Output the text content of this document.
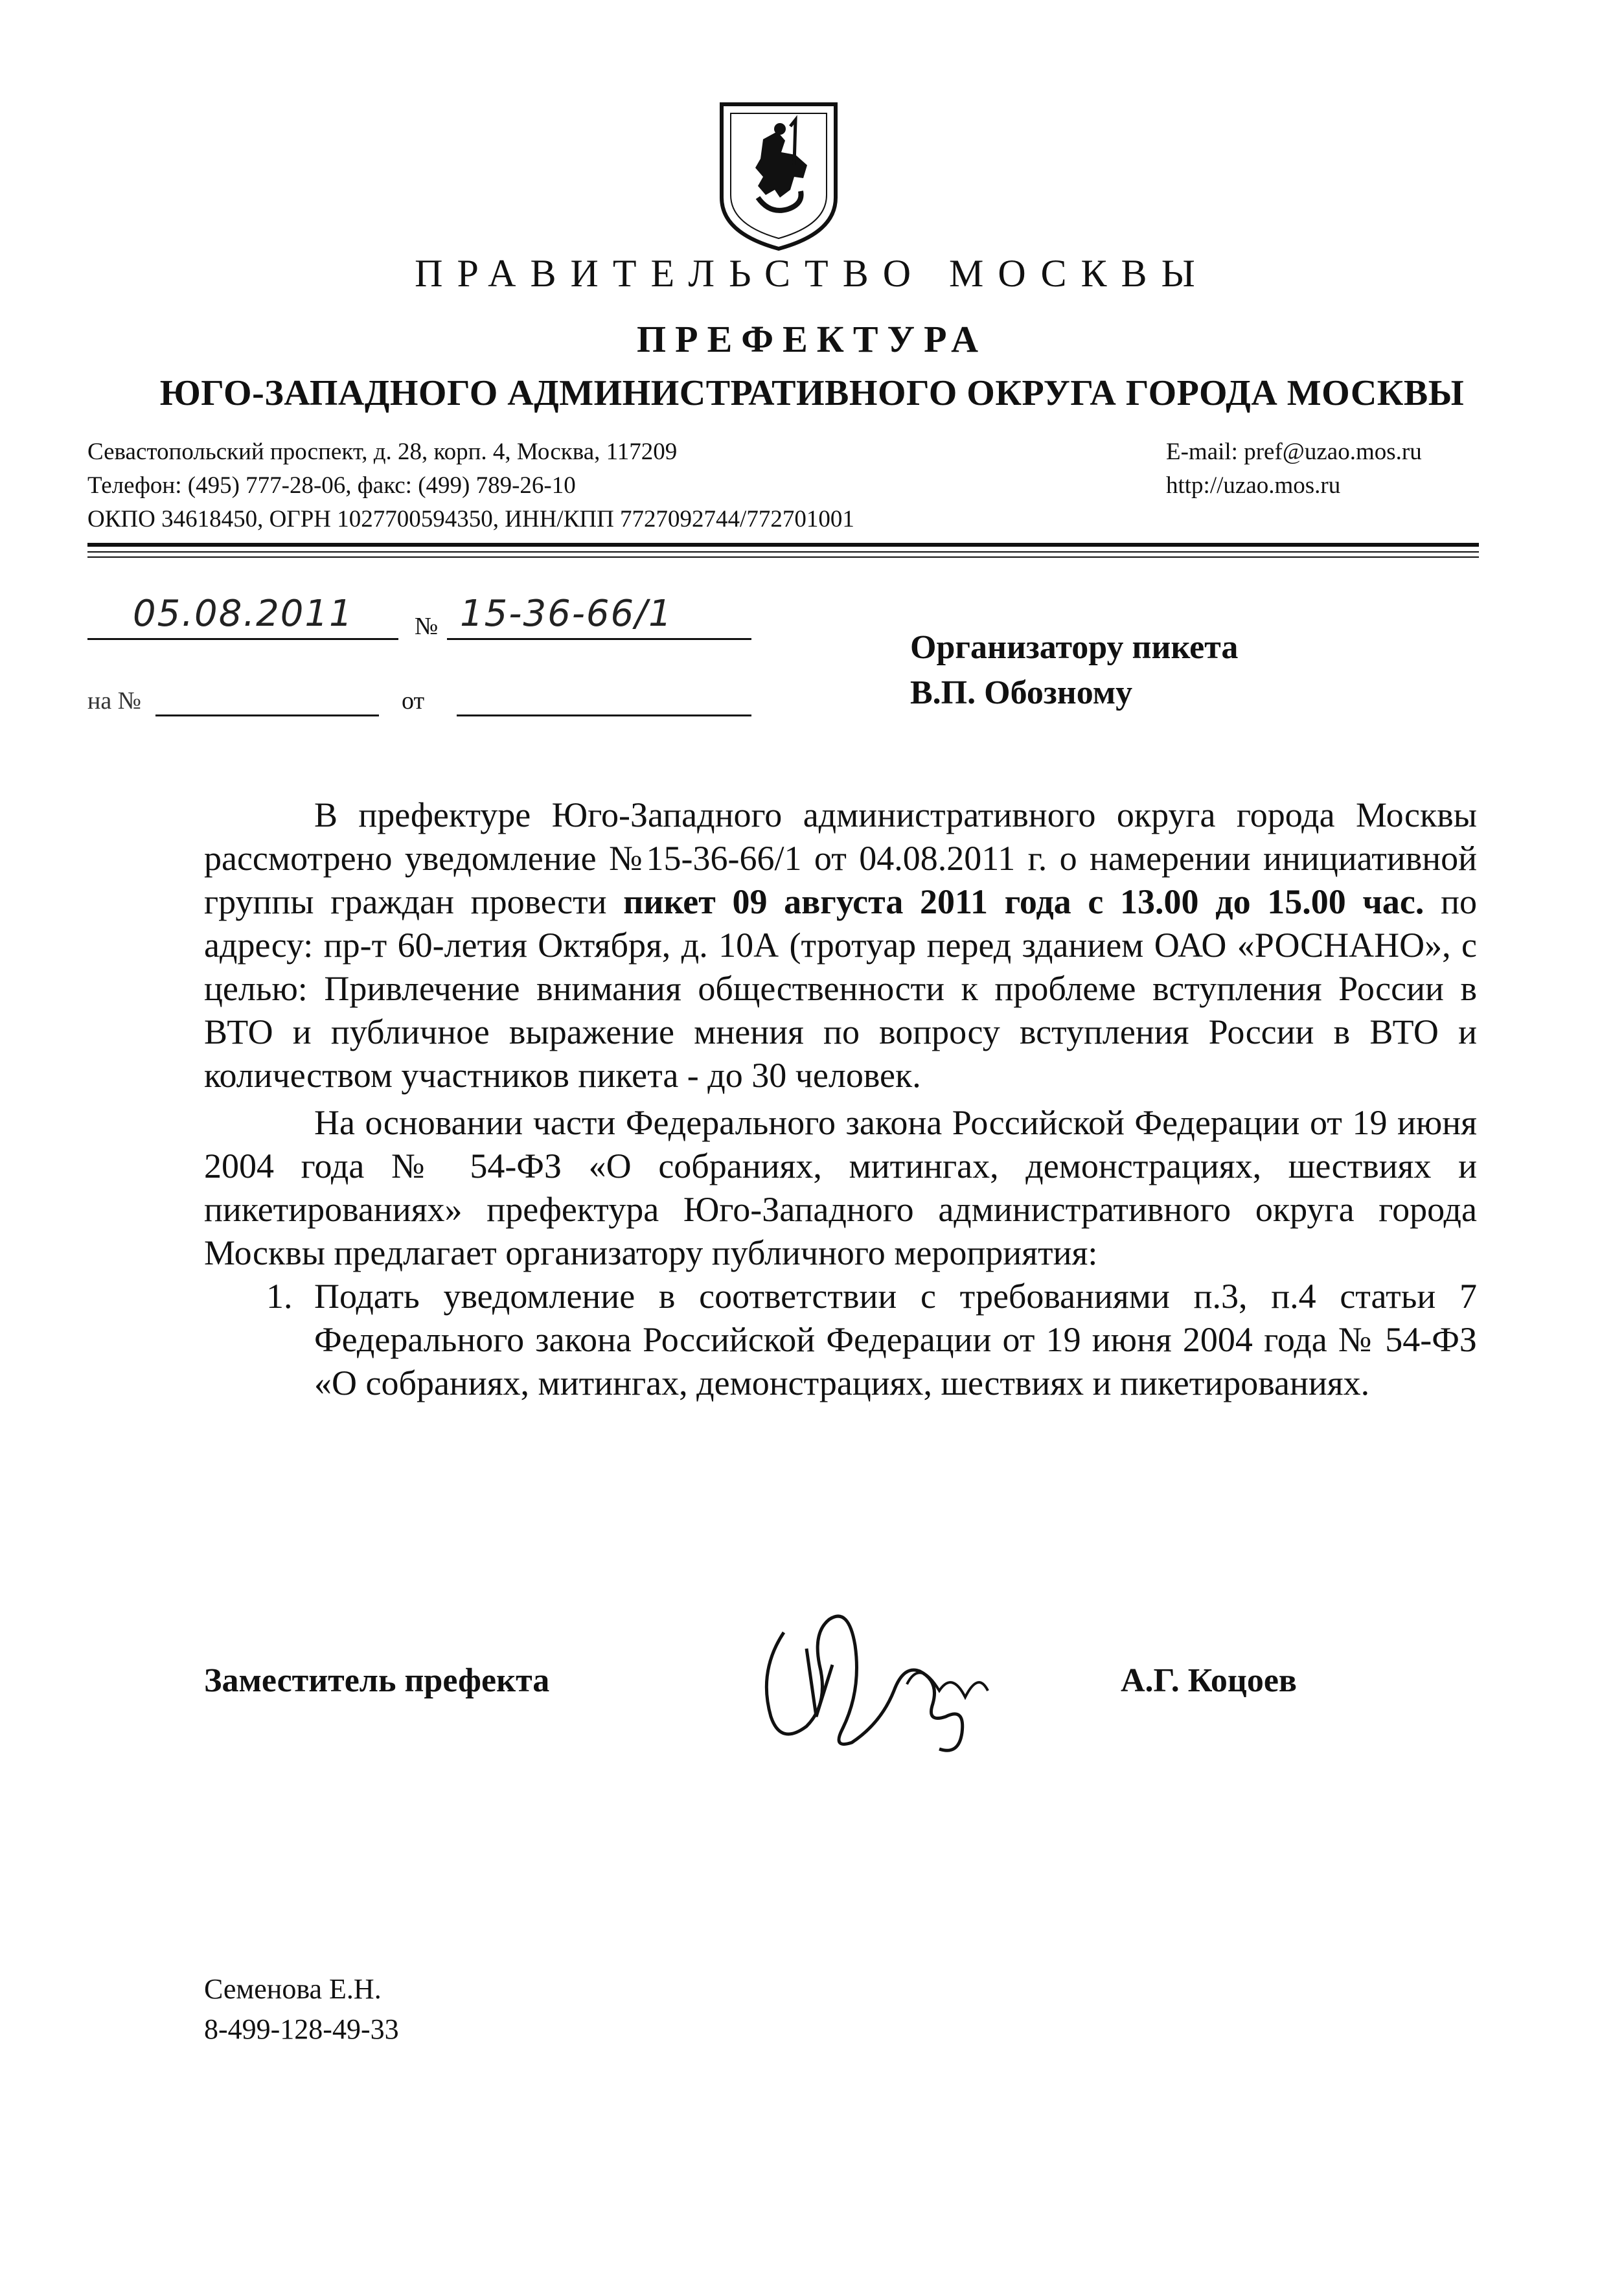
ПРАВИТЕЛЬСТВО МОСКВЫ
ПРЕФЕКТУРА
ЮГО-ЗАПАДНОГО АДМИНИСТРАТИВНОГО ОКРУГА ГОРОДА МОСКВЫ
Севастопольский проспект, д. 28, корп. 4, Москва, 117209
Телефон: (495) 777-28-06, факс: (499) 789-26-10
ОКПО 34618450, ОГРН 1027700594350, ИНН/КПП 7727092744/772701001
E-mail: pref@uzao.mos.ru
http://uzao.mos.ru
05.08.2011 № 15-36-66/1
на №	от
Организатору пикета
В.П. Обозному

В префектуре Юго-Западного административного округа города Москвы рассмотрено уведомление №15-36-66/1 от 04.08.2011 г. о намерении инициативной группы граждан провести пикет 09 августа 2011 года с 13.00 до 15.00 час. по адресу: пр-т 60-летия Октября, д. 10А (тротуар перед зданием ОАО «РОСНАНО», с целью: Привлечение внимания общественности к проблеме вступления России в ВТО и публичное выражение мнения по вопросу вступления России в ВТО и количеством участников пикета - до 30 человек.

На основании части Федерального закона Российской Федерации от 19 июня 2004 года № 54-ФЗ «О собраниях, митингах, демонстрациях, шествиях и пикетированиях» префектура Юго-Западного административного округа города Москвы предлагает организатору публичного мероприятия:

1. Подать уведомление в соответствии с требованиями п.3, п.4 статьи 7 Федерального закона Российской Федерации от 19 июня 2004 года № 54-ФЗ «О собраниях, митингах, демонстрациях, шествиях и пикетированиях.
Заместитель префекта	А.Г. Коцоев
Семенова Е.Н.
8-499-128-49-33
